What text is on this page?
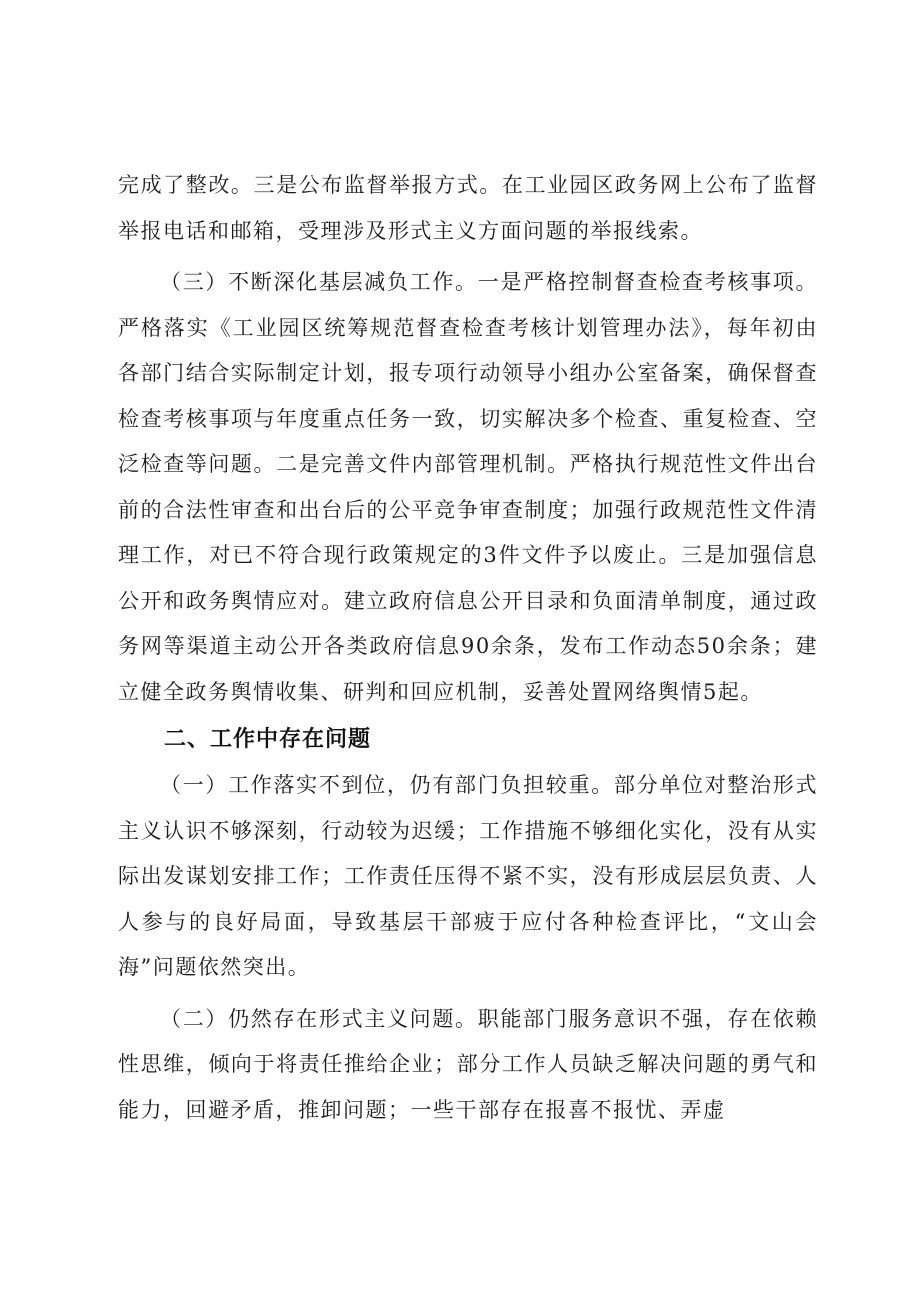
完成了整改。三是公布监督举报方式。在工业园区政务网上公布了监督举报电话和邮箱，受理涉及形式主义方面问题的举报线索。

（三）不断深化基层减负工作。一是严格控制督查检查考核事项。严格落实《工业园区统筹规范督查检查考核计划管理办法》，每年初由各部门结合实际制定计划，报专项行动领导小组办公室备案，确保督查检查考核事项与年度重点任务一致，切实解决多个检查、重复检查、空泛检查等问题。二是完善文件内部管理机制。严格执行规范性文件出台前的合法性审查和出台后的公平竞争审查制度；加强行政规范性文件清理工作，对已不符合现行政策规定的3件文件予以废止。三是加强信息公开和政务舆情应对。建立政府信息公开目录和负面清单制度，通过政务网等渠道主动公开各类政府信息90余条，发布工作动态50余条；建立健全政务舆情收集、研判和回应机制，妥善处置网络舆情5起。

二、工作中存在问题

（一）工作落实不到位，仍有部门负担较重。部分单位对整治形式主义认识不够深刻，行动较为迟缓；工作措施不够细化实化，没有从实际出发谋划安排工作；工作责任压得不紧不实，没有形成层层负责、人人参与的良好局面，导致基层干部疲于应付各种检查评比，“文山会海”问题依然突出。

（二）仍然存在形式主义问题。职能部门服务意识不强，存在依赖性思维，倾向于将责任推给企业；部分工作人员缺乏解决问题的勇气和能力，回避矛盾，推卸问题；一些干部存在报喜不报忧、弄虚
